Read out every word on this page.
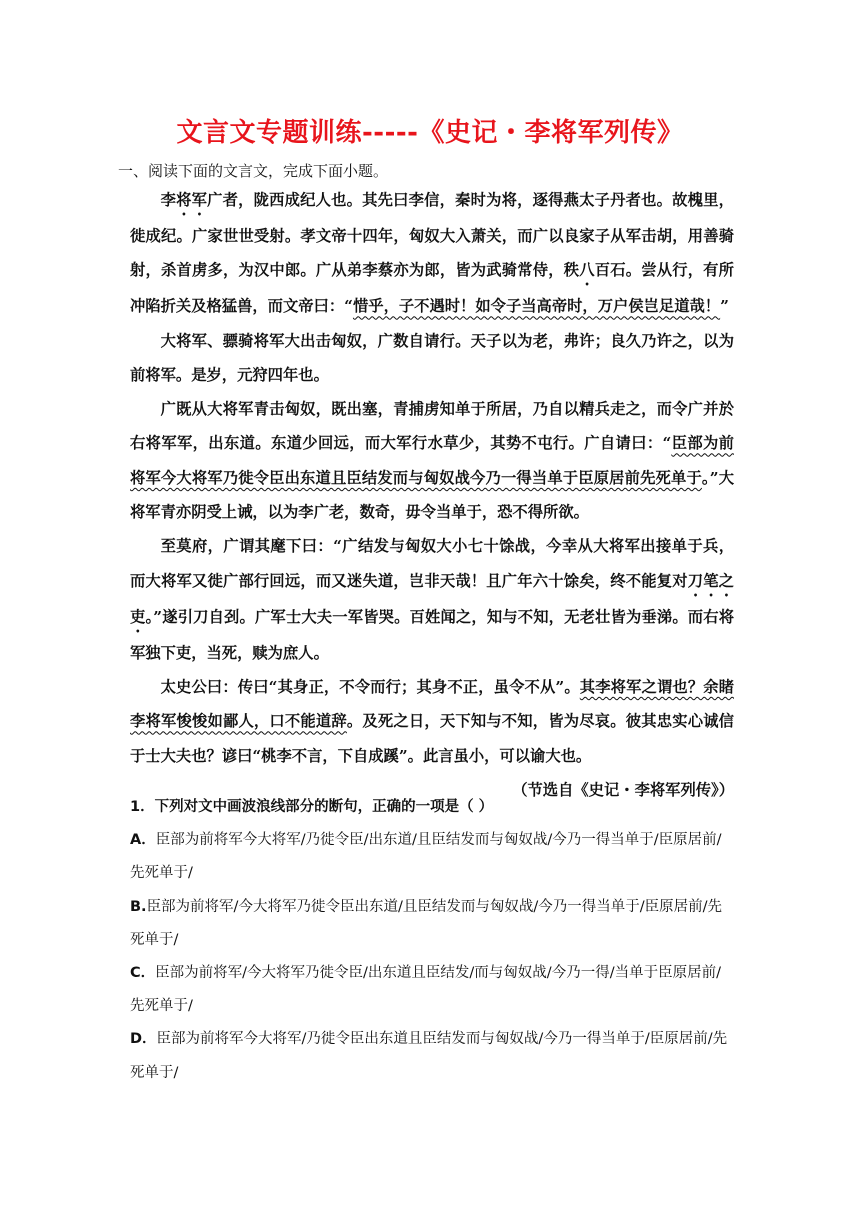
文言文专题训练-----《史记・李将军列传》
一、阅读下面的文言文，完成下面小题。

李将军广者，陇西成纪人也。其先曰李信，秦时为将，逐得燕太子丹者也。故槐里，徙成纪。广家世世受射。孝文帝十四年，匈奴大入萧关，而广以良家子从军击胡，用善骑射，杀首虏多，为汉中郎。广从弟李蔡亦为郎，皆为武骑常侍，秩八百石。尝从行，有所冲陷折关及格猛兽，而文帝曰：“惜乎，子不遇时！如令子当高帝时，万户侯岂足道哉！”

大将军、骠骑将军大出击匈奴，广数自请行。天子以为老，弗许；良久乃许之，以为前将军。是岁，元狩四年也。

广既从大将军青击匈奴，既出塞，青捕虏知单于所居，乃自以精兵走之，而令广并於右将军军，出东道。东道少回远，而大军行水草少，其势不屯行。广自请曰：“臣部为前将军今大将军乃徙令臣出东道且臣结发而与匈奴战今乃一得当单于臣原居前先死单于。”大将军青亦阴受上诫，以为李广老，数奇，毋令当单于，恐不得所欲。

至莫府，广谓其麾下曰：“广结发与匈奴大小七十馀战，今幸从大将军出接单于兵，而大将军又徙广部行回远，而又迷失道，岂非天哉！且广年六十馀矣，终不能复对刀笔之吏。”遂引刀自刭。广军士大夫一军皆哭。百姓闻之，知与不知，无老壮皆为垂涕。而右将军独下吏，当死，赎为庶人。

太史公曰：传曰“其身正，不令而行；其身不正，虽令不从”。其李将军之谓也？余睹李将军悛悛如鄙人，口不能道辞。及死之日，天下知与不知，皆为尽哀。彼其忠实心诚信于士大夫也？谚曰“桃李不言，下自成蹊”。此言虽小，可以谕大也。

（节选自《史记・李将军列传》）

1．下列对文中画波浪线部分的断句，正确的一项是（ ）

A．臣部为前将军今大将军/乃徙令臣/出东道/且臣结发而与匈奴战/今乃一得当单于/臣原居前/先死单于/

B.臣部为前将军/今大将军乃徙令臣出东道/且臣结发而与匈奴战/今乃一得当单于/臣原居前/先死单于/

C．臣部为前将军/今大将军乃徙令臣/出东道且臣结发/而与匈奴战/今乃一得/当单于臣原居前/先死单于/

D．臣部为前将军今大将军/乃徙令臣出东道且臣结发而与匈奴战/今乃一得当单于/臣原居前/先死单于/
